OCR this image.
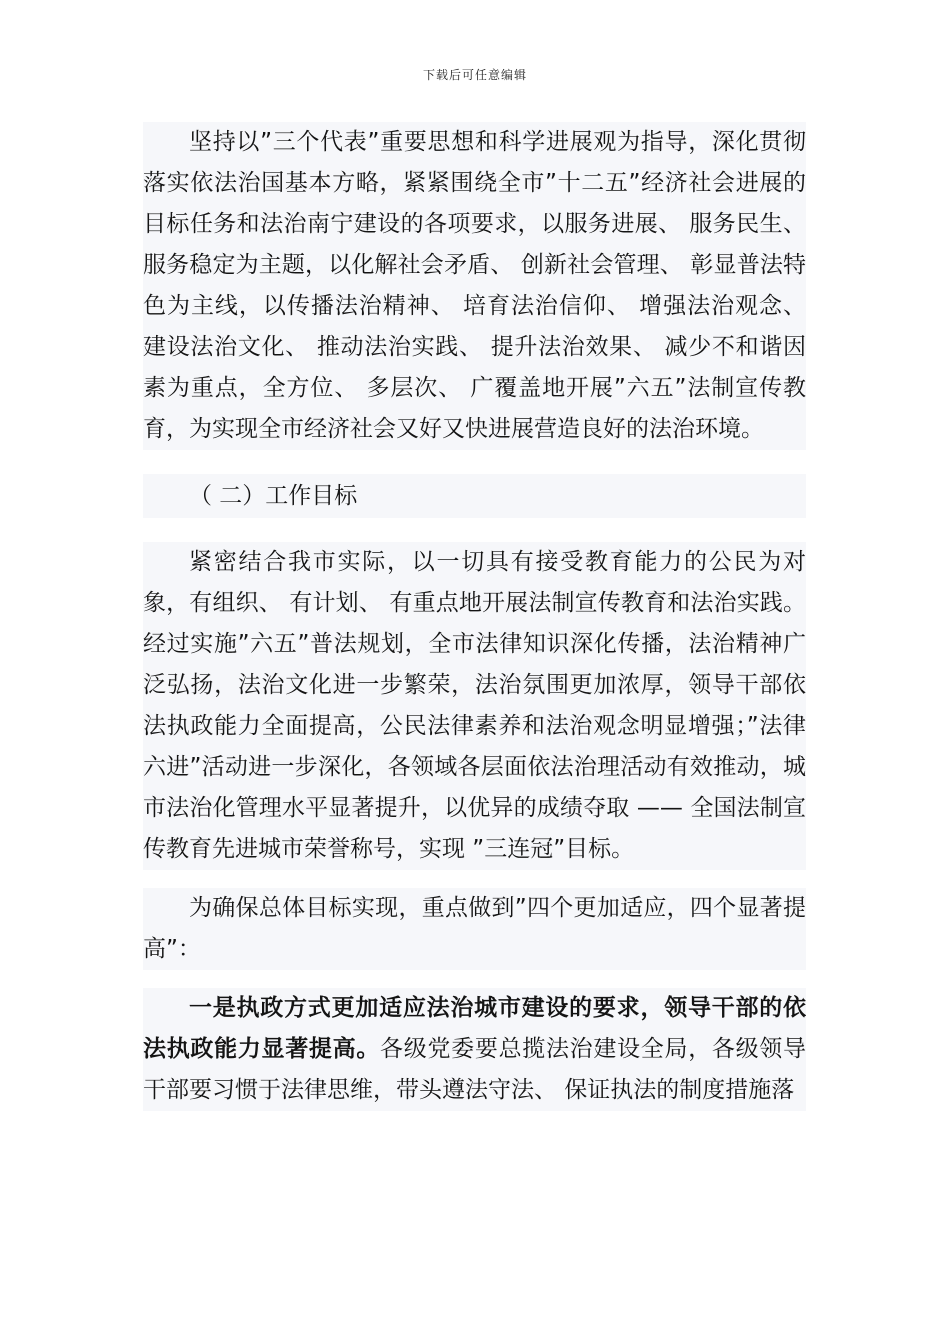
下载后可任意编辑

坚持以”三个代表”重要思想和科学进展观为指导，深化贯彻落实依法治国基本方略，紧紧围绕全市”十二五”经济社会进展的目标任务和法治南宁建设的各项要求，以服务进展、 服务民生、 服务稳定为主题，以化解社会矛盾、 创新社会管理、 彰显普法特色为主线，以传播法治精神、 培育法治信仰、 增强法治观念、 建设法治文化、 推动法治实践、 提升法治效果、 减少不和谐因素为重点，全方位、 多层次、 广覆盖地开展”六五”法制宣传教育，为实现全市经济社会又好又快进展营造良好的法治环境。

（ 二）工作目标

紧密结合我市实际，以一切具有接受教育能力的公民为对象，有组织、 有计划、 有重点地开展法制宣传教育和法治实践。经过实施”六五”普法规划，全市法律知识深化传播，法治精神广泛弘扬，法治文化进一步繁荣，法治氛围更加浓厚，领导干部依法执政能力全面提高，公民法律素养和法治观念明显增强；”法律六进”活动进一步深化，各领域各层面依法治理活动有效推动，城市法治化管理水平显著提升，以优异的成绩夺取 —— 全国法制宣传教育先进城市荣誉称号，实现 ”三连冠”目标。

为确保总体目标实现，重点做到”四个更加适应，四个显著提高”：

一是执政方式更加适应法治城市建设的要求，领导干部的依法执政能力显著提高。各级党委要总揽法治建设全局，各级领导干部要习惯于法律思维，带头遵法守法、 保证执法的制度措施落
